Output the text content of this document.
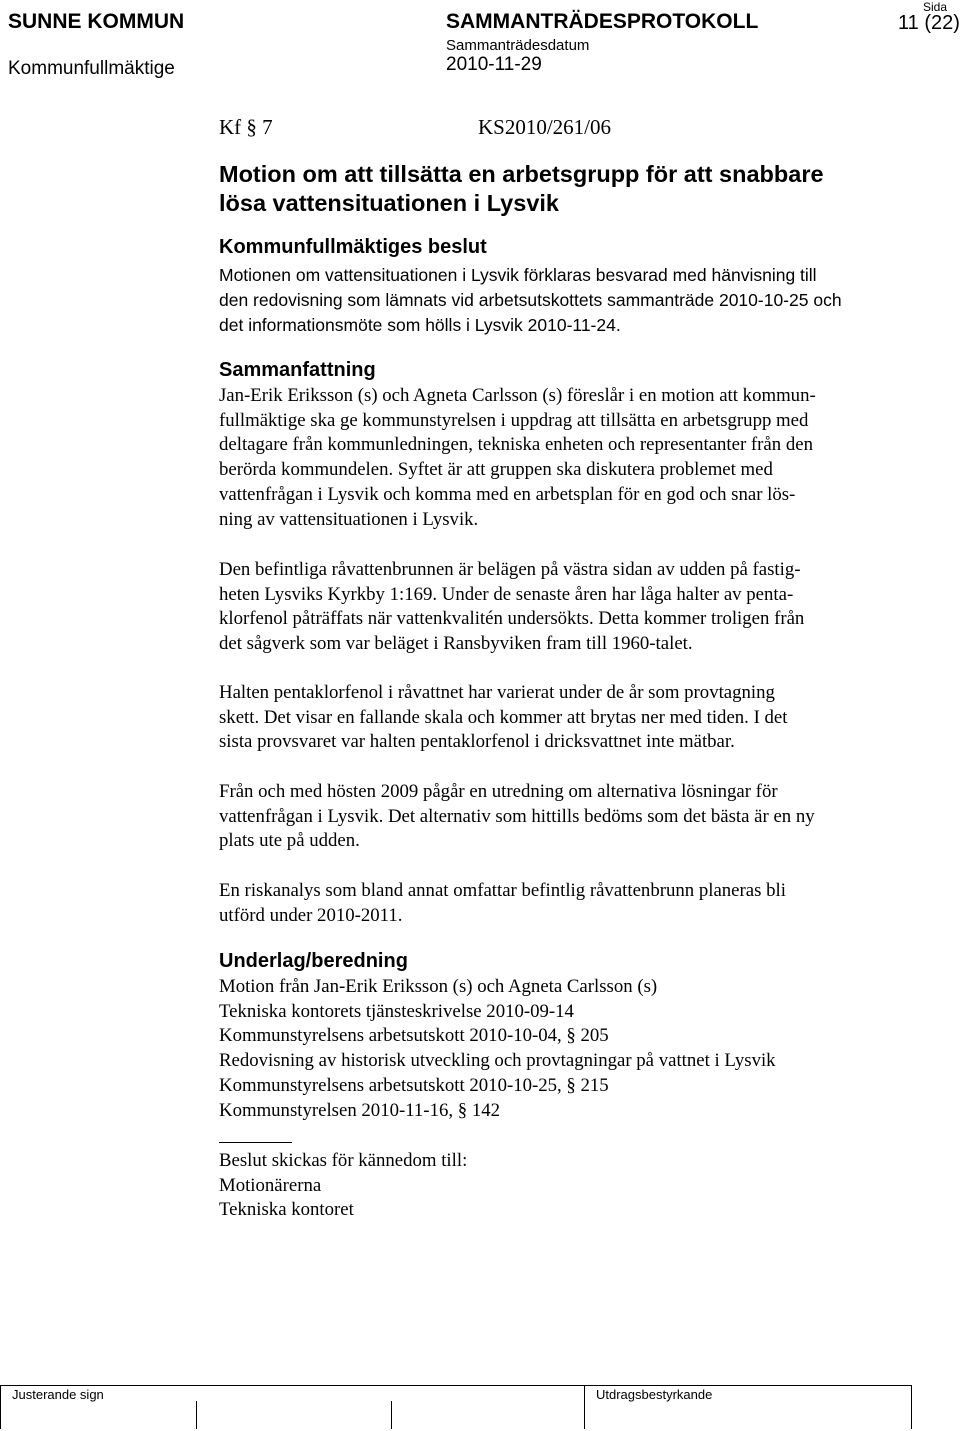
SUNNE KOMMUN	SAMMANTRÄDESPROTOKOLL
Sida
11 (22)
Kommunfullmäktige
Sammanträdesdatum
2010-11-29
Kf § 7	KS2010/261/06
Motion om att tillsätta en arbetsgrupp för att snabbare
lösa vattensituationen i Lysvik
Kommunfullmäktiges beslut
Motionen om vattensituationen i Lysvik förklaras besvarad med hänvisning till
den redovisning som lämnats vid arbetsutskottets sammanträde 2010-10-25 och
det informationsmöte som hölls i Lysvik 2010-11-24.
Sammanfattning
Jan-Erik Eriksson (s) och Agneta Carlsson (s) föreslår i en motion att kommun-
fullmäktige ska ge kommunstyrelsen i uppdrag att tillsätta en arbetsgrupp med
deltagare från kommunledningen, tekniska enheten och representanter från den
berörda kommundelen. Syftet är att gruppen ska diskutera problemet med
vattenfrågan i Lysvik och komma med en arbetsplan för en god och snar lös-
ning av vattensituationen i Lysvik.
Den befintliga råvattenbrunnen är belägen på västra sidan av udden på fastig-
heten Lysviks Kyrkby 1:169. Under de senaste åren har låga halter av penta-
klorfenol påträffats när vattenkvalitén undersökts. Detta kommer troligen från
det sågverk som var beläget i Ransbyviken fram till 1960-talet.
Halten pentaklorfenol i råvattnet har varierat under de år som provtagning
skett. Det visar en fallande skala och kommer att brytas ner med tiden. I det
sista provsvaret var halten pentaklorfenol i dricksvattnet inte mätbar.
Från och med hösten 2009 pågår en utredning om alternativa lösningar för
vattenfrågan i Lysvik. Det alternativ som hittills bedöms som det bästa är en ny
plats ute på udden.
En riskanalys som bland annat omfattar befintlig råvattenbrunn planeras bli
utförd under 2010-2011.
Underlag/beredning
Motion från Jan-Erik Eriksson (s) och Agneta Carlsson (s)
Tekniska kontorets tjänsteskrivelse 2010-09-14
Kommunstyrelsens arbetsutskott 2010-10-04, § 205
Redovisning av historisk utveckling och provtagningar på vattnet i Lysvik
Kommunstyrelsens arbetsutskott 2010-10-25, § 215
Kommunstyrelsen 2010-11-16, § 142
Beslut skickas för kännedom till:
Motionärerna
Tekniska kontoret
Justerande sign	Utdragsbestyrkande
